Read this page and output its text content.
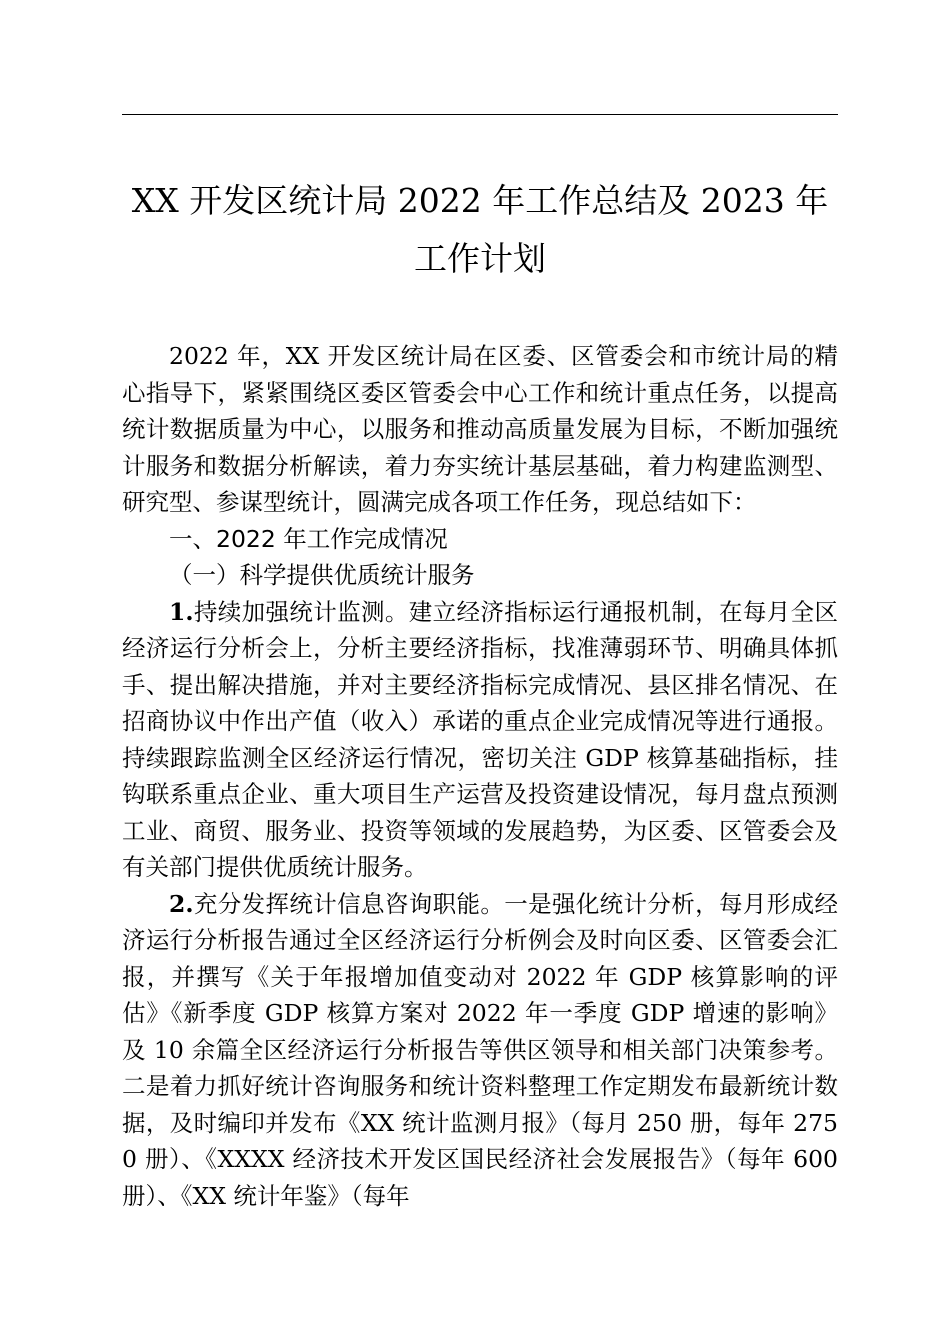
XX 开发区统计局 2022 年工作总结及 2023 年
工作计划

2022 年，XX 开发区统计局在区委、区管委会和市统计局的精心指导下，紧紧围绕区委区管委会中心工作和统计重点任务，以提高统计数据质量为中心，以服务和推动高质量发展为目标，不断加强统计服务和数据分析解读，着力夯实统计基层基础，着力构建监测型、研究型、参谋型统计，圆满完成各项工作任务，现总结如下：

一、2022 年工作完成情况

（一）科学提供优质统计服务

1.持续加强统计监测。建立经济指标运行通报机制，在每月全区经济运行分析会上，分析主要经济指标，找准薄弱环节、明确具体抓手、提出解决措施，并对主要经济指标完成情况、县区排名情况、在招商协议中作出产值（收入）承诺的重点企业完成情况等进行通报。持续跟踪监测全区经济运行情况，密切关注 GDP 核算基础指标，挂钩联系重点企业、重大项目生产运营及投资建设情况，每月盘点预测工业、商贸、服务业、投资等领域的发展趋势，为区委、区管委会及有关部门提供优质统计服务。

2.充分发挥统计信息咨询职能。一是强化统计分析，每月形成经济运行分析报告通过全区经济运行分析例会及时向区委、区管委会汇报，并撰写《关于年报增加值变动对 2022 年 GDP 核算影响的评估》《新季度 GDP 核算方案对 2022 年一季度 GDP 增速的影响》及 10 余篇全区经济运行分析报告等供区领导和相关部门决策参考。二是着力抓好统计咨询服务和统计资料整理工作定期发布最新统计数据，及时编印并发布《XX 统计监测月报》（每月 250 册，每年 2750 册）、《XXXX 经济技术开发区国民经济社会发展报告》（每年 600 册）、《XX 统计年鉴》（每年
